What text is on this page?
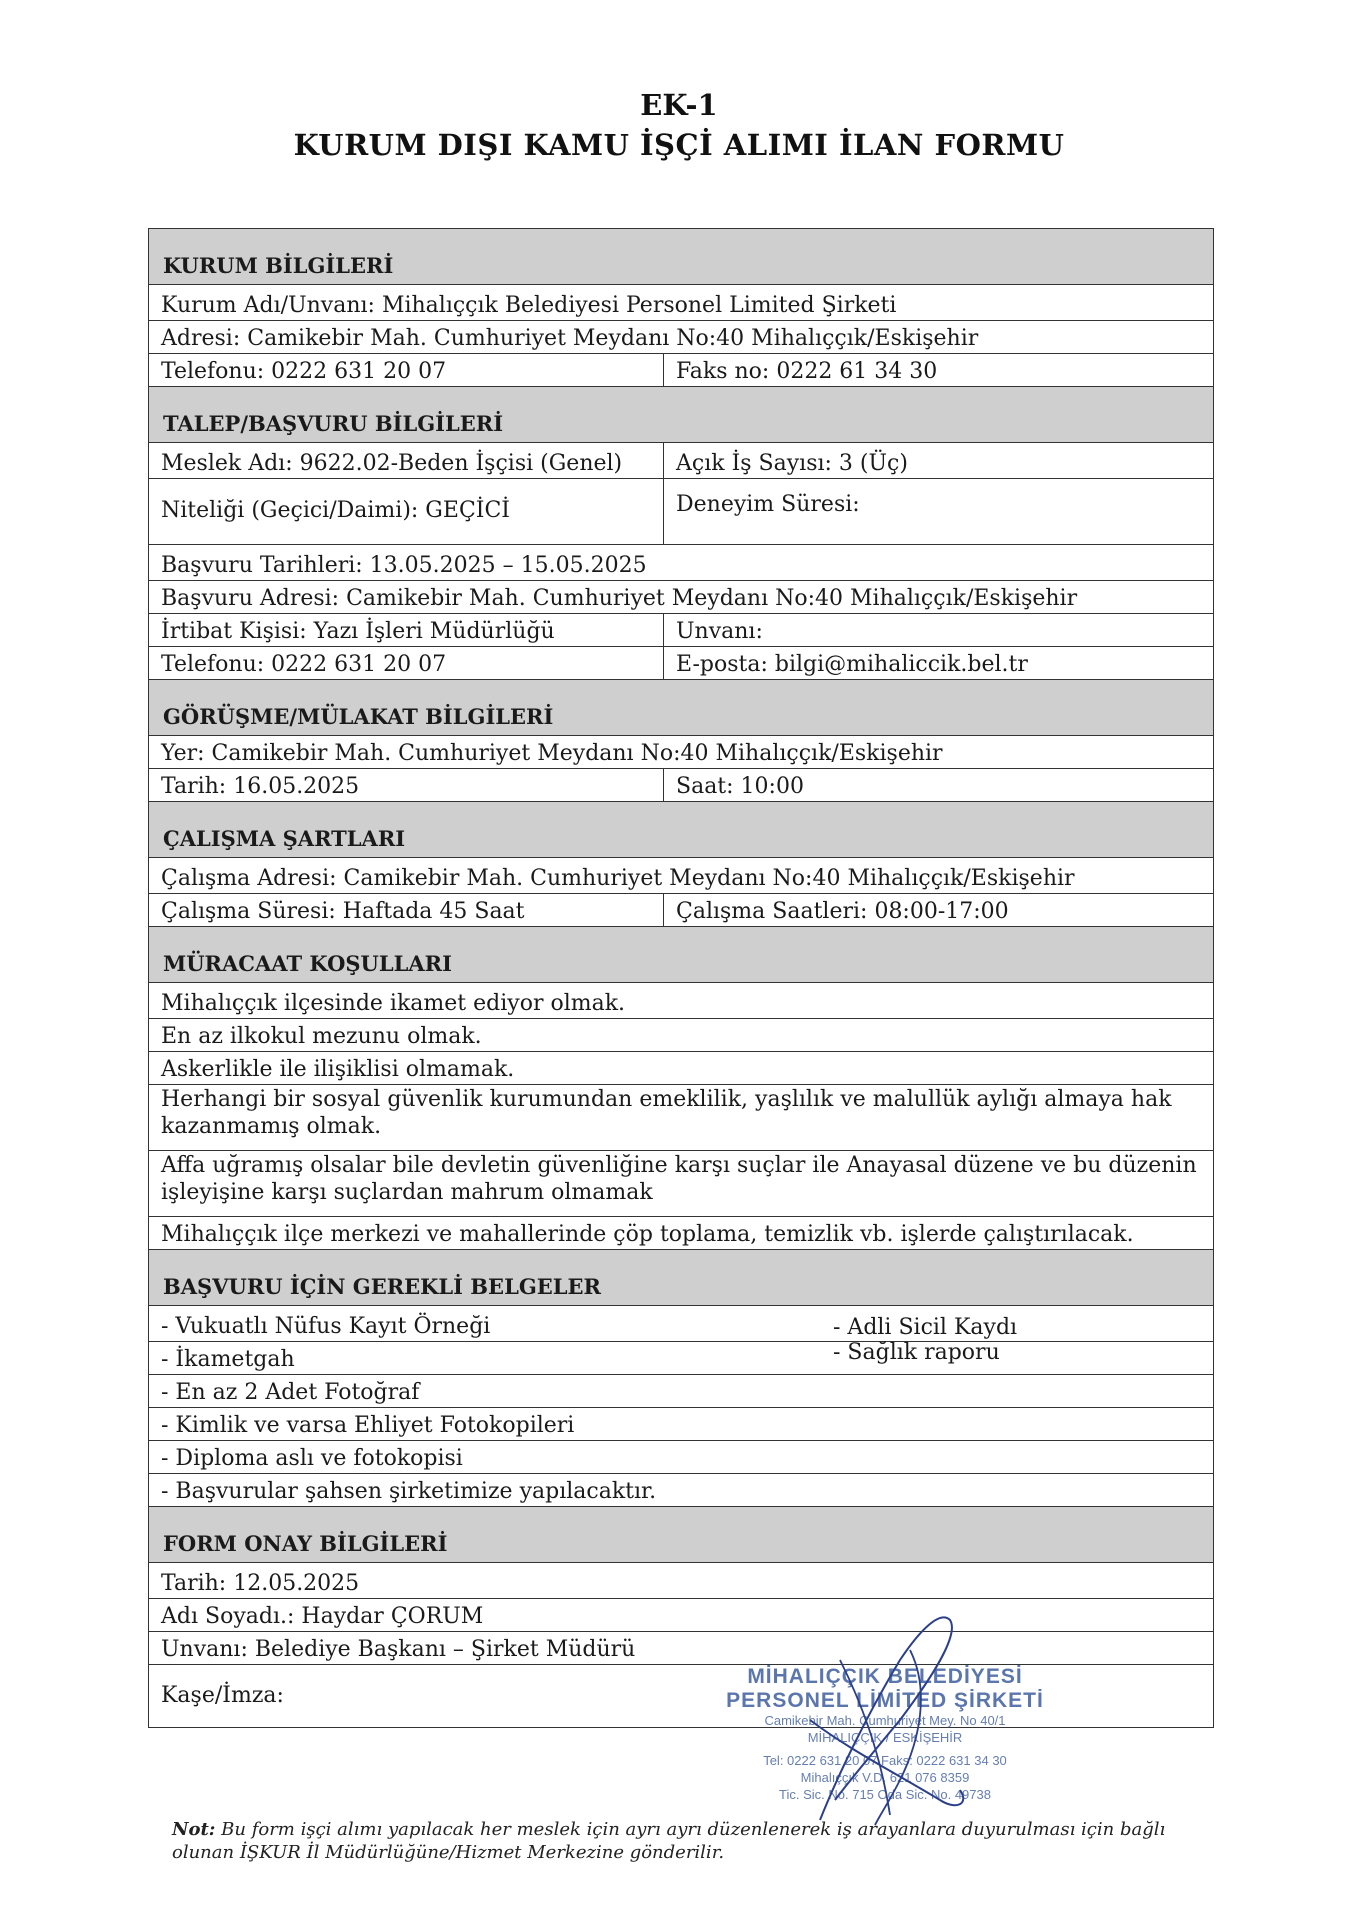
EK-1
KURUM DIŞI KAMU İŞÇİ ALIMI İLAN FORMU
KURUM BİLGİLERİ
Kurum Adı/Unvanı: Mihalıççık Belediyesi Personel Limited Şirketi
Adresi: Camikebir Mah. Cumhuriyet Meydanı No:40 Mihalıççık/Eskişehir
Telefonu: 0222 631 20 07	Faks no: 0222 61 34 30
TALEP/BAŞVURU BİLGİLERİ
Meslek Adı: 9622.02-Beden İşçisi (Genel)	Açık İş Sayısı: 3 (Üç)
Niteliği (Geçici/Daimi): GEÇİCİ	Deneyim Süresi:
Başvuru Tarihleri: 13.05.2025 – 15.05.2025
Başvuru Adresi: Camikebir Mah. Cumhuriyet Meydanı No:40 Mihalıççık/Eskişehir
İrtibat Kişisi: Yazı İşleri Müdürlüğü	Unvanı:
Telefonu: 0222 631 20 07	E-posta: bilgi@mihaliccik.bel.tr
GÖRÜŞME/MÜLAKAT BİLGİLERİ
Yer: Camikebir Mah. Cumhuriyet Meydanı No:40 Mihalıççık/Eskişehir
Tarih: 16.05.2025	Saat: 10:00
ÇALIŞMA ŞARTLARI
Çalışma Adresi: Camikebir Mah. Cumhuriyet Meydanı No:40 Mihalıççık/Eskişehir
Çalışma Süresi: Haftada 45 Saat	Çalışma Saatleri: 08:00-17:00
MÜRACAAT KOŞULLARI
Mihalıççık ilçesinde ikamet ediyor olmak.
En az ilkokul mezunu olmak.
Askerlikle ile ilişiklisi olmamak.
Herhangi bir sosyal güvenlik kurumundan emeklilik, yaşlılık ve malullük aylığı almaya hak kazanmamış olmak.
Affa uğramış olsalar bile devletin güvenliğine karşı suçlar ile Anayasal düzene ve bu düzenin işleyişine karşı suçlardan mahrum olmamak
Mihalıççık ilçe merkezi ve mahallerinde çöp toplama, temizlik vb. işlerde çalıştırılacak.
BAŞVURU İÇİN GEREKLİ BELGELER
- Vukuatlı Nüfus Kayıt Örneği	- Adli Sicil Kaydı
- İkametgah	- Sağlık raporu
- En az 2 Adet Fotoğraf
- Kimlik ve varsa Ehliyet Fotokopileri
- Diploma aslı ve fotokopisi
- Başvurular şahsen şirketimize yapılacaktır.
FORM ONAY BİLGİLERİ
Tarih: 12.05.2025
Adı Soyadı.: Haydar ÇORUM
Unvanı: Belediye Başkanı – Şirket Müdürü
Kaşe/İmza:
MİHALIÇÇIK BELEDİYESİ
PERSONEL LİMİTED ŞİRKETİ
Camikebir Mah. Cumhuriyet Mey. No 40/1
MİHALIÇÇIK / ESKİŞEHİR
Tel: 0222 631 20 07 Faks: 0222 631 34 30
Mihalıççık V.D. 621 076 8359
Tic. Sic. No. 715 Oda Sic. No. 49738
Not: Bu form işçi alımı yapılacak her meslek için ayrı ayrı düzenlenerek iş arayanlara duyurulması için bağlı olunan İŞKUR İl Müdürlüğüne/Hizmet Merkezine gönderilir.
